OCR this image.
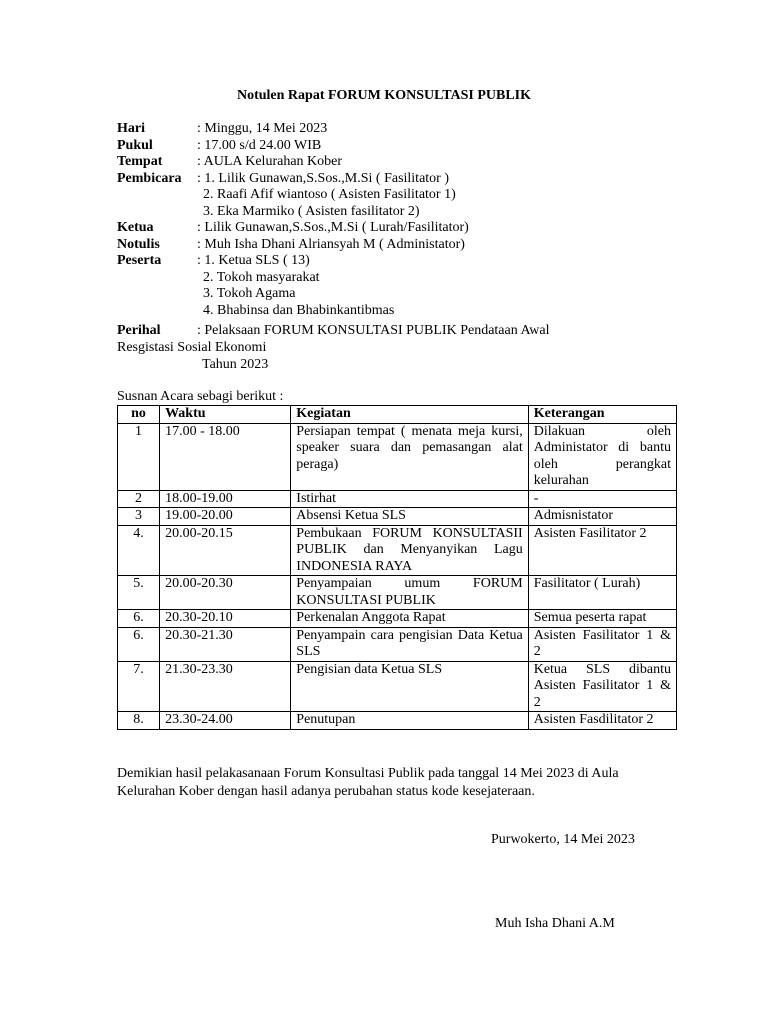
Notulen Rapat FORUM KONSULTASI PUBLIK
Hari	: Minggu, 14 Mei 2023
Pukul	: 17.00 s/d 24.00 WIB
Tempat	: AULA Kelurahan Kober
Pembicara	: 1. Lilik Gunawan,S.Sos.,M.Si ( Fasilitator )
2. Raafi Afif wiantoso ( Asisten Fasilitator 1)
3. Eka Marmiko ( Asisten fasilitator 2)
Ketua	: Lilik Gunawan,S.Sos.,M.Si ( Lurah/Fasilitator)
Notulis	: Muh Isha Dhani Alriansyah M ( Administator)
Peserta	: 1. Ketua SLS ( 13)
2. Tokoh masyarakat
3. Tokoh Agama
4. Bhabinsa dan Bhabinkantibmas
Perihal	: Pelaksaan FORUM KONSULTASI PUBLIK Pendataan Awal
Resgistasi Sosial Ekonomi
Tahun 2023
Susnan Acara sebagi berikut :
no	Waktu	Kegiatan	Keterangan
1	17.00 - 18.00	Persiapan tempat ( menata meja kursi, speaker suara dan pemasangan alat peraga)	Dilakuan oleh Administator di bantu oleh perangkat kelurahan
2	18.00-19.00	Istirhat	-
3	19.00-20.00	Absensi Ketua SLS	Admisnistator
4.	20.00-20.15	Pembukaan FORUM KONSULTASII PUBLIK dan Menyanyikan Lagu INDONESIA RAYA	Asisten Fasilitator 2
5.	20.00-20.30	Penyampaian umum FORUM KONSULTASI PUBLIK	Fasilitator ( Lurah)
6.	20.30-20.10	Perkenalan Anggota Rapat	Semua peserta rapat
6.	20.30-21.30	Penyampain cara pengisian Data Ketua SLS	Asisten Fasilitator 1 & 2
7.	21.30-23.30	Pengisian data Ketua SLS	Ketua SLS dibantu Asisten Fasilitator 1 & 2
8.	23.30-24.00	Penutupan	Asisten Fasdilitator 2
Demikian hasil pelakasanaan Forum Konsultasi Publik pada tanggal 14 Mei 2023 di Aula Kelurahan Kober dengan hasil adanya perubahan status kode kesejateraan.
Purwokerto, 14 Mei 2023
Muh Isha Dhani A.M
